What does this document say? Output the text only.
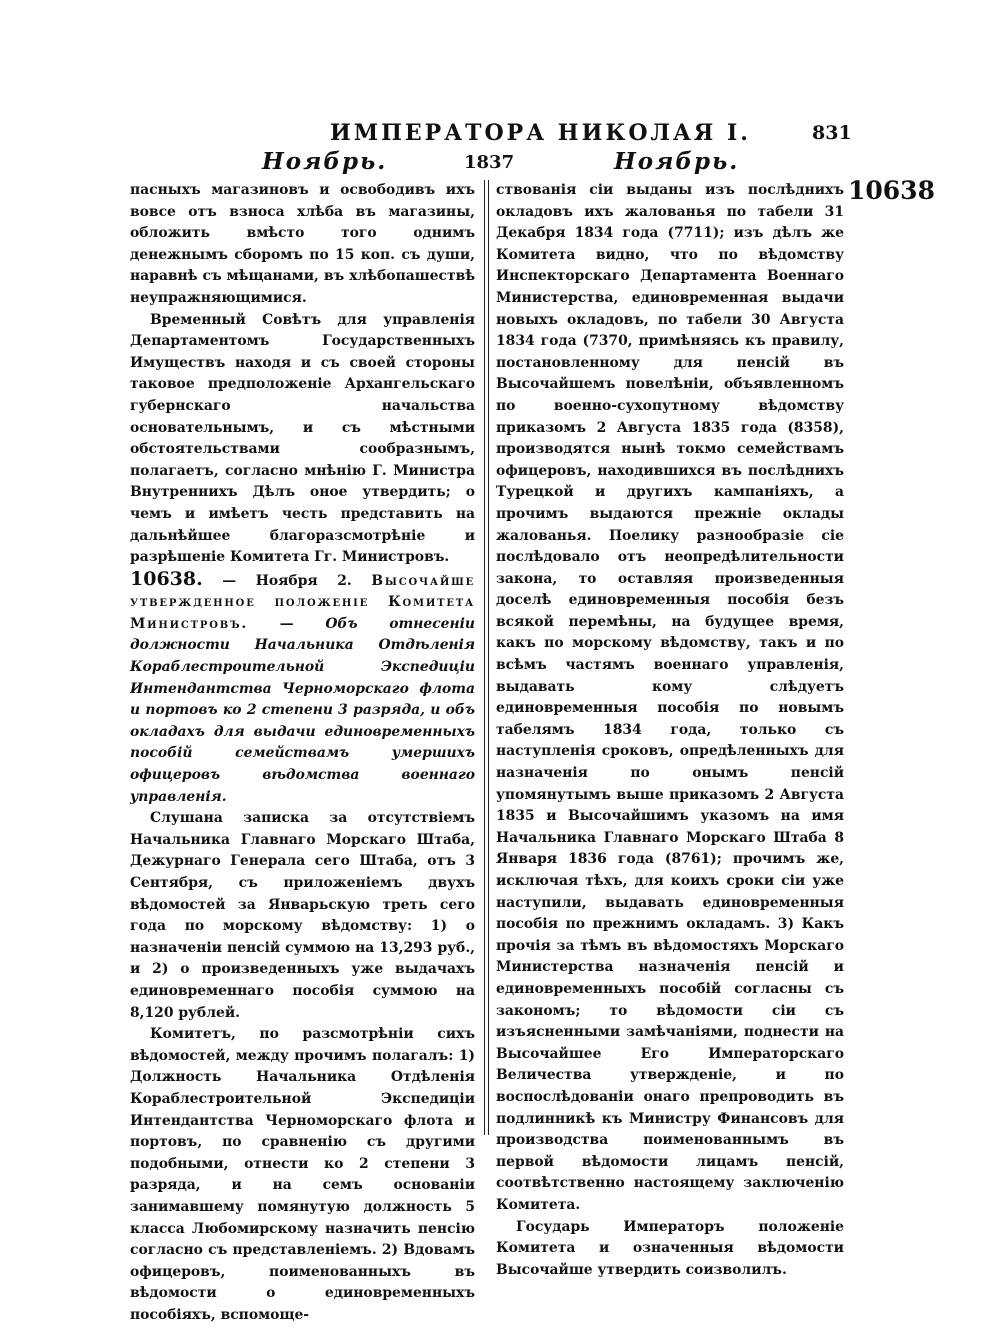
ИМПЕРАТОРА НИКОЛАЯ I.	831
Ноябрь.	1837	Ноябрь.

пасныхъ магазиновъ и освободивъ ихъ вовсе отъ взноса хлѣба въ магазины, обложить вмѣсто того однимъ денежнымъ сборомъ по 15 коп. съ души, наравнѣ съ мѣщанами, въ хлѣбопашествѣ неупражняющимися.

Временный Совѣтъ для управленія Департаментомъ Государственныхъ Имуществъ находя и съ своей стороны таковое предположеніе Архангельскаго губернскаго начальства основательнымъ, и съ мѣстными обстоятельствами сообразнымъ, полагаетъ, согласно мнѣнію Г. Министра Внутреннихъ Дѣлъ оное утвердить; о чемъ и имѣетъ честь представить на дальнѣйшее благоразсмотрѣніе и разрѣшеніе Комитета Гг. Министровъ.

10638. — Ноября 2. Высочайше утвержденное положеніе Комитета Министровъ. — Объ отнесеніи должности Начальника Отдѣленія Кораблестроительной Экспедиціи Интендантства Черноморскаго флота и портовъ ко 2 степени 3 разряда, и объ окладахъ для выдачи единовременныхъ пособій семействамъ умершихъ офицеровъ вѣдомства военнаго управленія.

Слушана записка за отсутствіемъ Начальника Главнаго Морскаго Штаба, Дежурнаго Генерала сего Штаба, отъ 3 Сентября, съ приложеніемъ двухъ вѣдомостей за Январьскую треть сего года по морскому вѣдомству: 1) о назначеніи пенсій суммою на 13,293 руб., и 2) о произведенныхъ уже выдачахъ единовременнаго пособія суммою на 8,120 рублей.

Комитетъ, по разсмотрѣніи сихъ вѣдомостей, между прочимъ полагалъ: 1) Должность Начальника Отдѣленія Кораблестроительной Экспедиціи Интендантства Черноморскаго флота и портовъ, по сравненію съ другими подобными, отнести ко 2 степени 3 разряда, и на семъ основаніи занимавшему помянутую должность 5 класса Любомирскому назначить пенсію согласно съ представленіемъ. 2) Вдовамъ офицеровъ, поименованныхъ въ вѣдомости о единовременныхъ пособіяхъ, вспомоще-

ствованія сіи выданы изъ послѣднихъ окладовъ ихъ жалованья по табели 31 Декабря 1834 года (7711); изъ дѣлъ же Комитета видно, что по вѣдомству Инспекторскаго Департамента Военнаго Министерства, единовременная выдачи новыхъ окладовъ, по табели 30 Августа 1834 года (7370, примѣняясь къ правилу, постановленному для пенсій въ Высочайшемъ повелѣніи, объявленномъ по военно-сухопутному вѣдомству приказомъ 2 Августа 1835 года (8358), производятся нынѣ токмо семействамъ офицеровъ, находившихся въ послѣднихъ Турецкой и другихъ кампаніяхъ, а прочимъ выдаются прежніе оклады жалованья. Поелику разнообразіе сіе послѣдовало отъ неопредѣлительности закона, то оставляя произведенныя доселѣ единовременныя пособія безъ всякой перемѣны, на будущее время, какъ по морскому вѣдомству, такъ и по всѣмъ частямъ военнаго управленія, выдавать кому слѣдуетъ единовременныя пособія по новымъ табелямъ 1834 года, только съ наступленія сроковъ, опредѣленныхъ для назначенія по онымъ пенсій упомянутымъ выше приказомъ 2 Августа 1835 и Высочайшимъ указомъ на имя Начальника Главнаго Морскаго Штаба 8 Января 1836 года (8761); прочимъ же, исключая тѣхъ, для коихъ сроки сіи уже наступили, выдавать единовременныя пособія по прежнимъ окладамъ. 3) Какъ прочія за тѣмъ въ вѣдомостяхъ Морскаго Министерства назначенія пенсій и единовременныхъ пособій согласны съ закономъ; то вѣдомости сіи съ изъясненными замѣчаніями, поднести на Высочайшее Его Императорскаго Величества утвержденіе, и по воспослѣдованіи онаго препроводить въ подлинникѣ къ Министру Финансовъ для производства поименованнымъ въ первой вѣдомости лицамъ пенсій, соотвѣтственно настоящему заключенію Комитета.

Государь Императоръ положеніе Комитета и означенныя вѣдомости Высочайше утвердить соизволилъ.

10638
